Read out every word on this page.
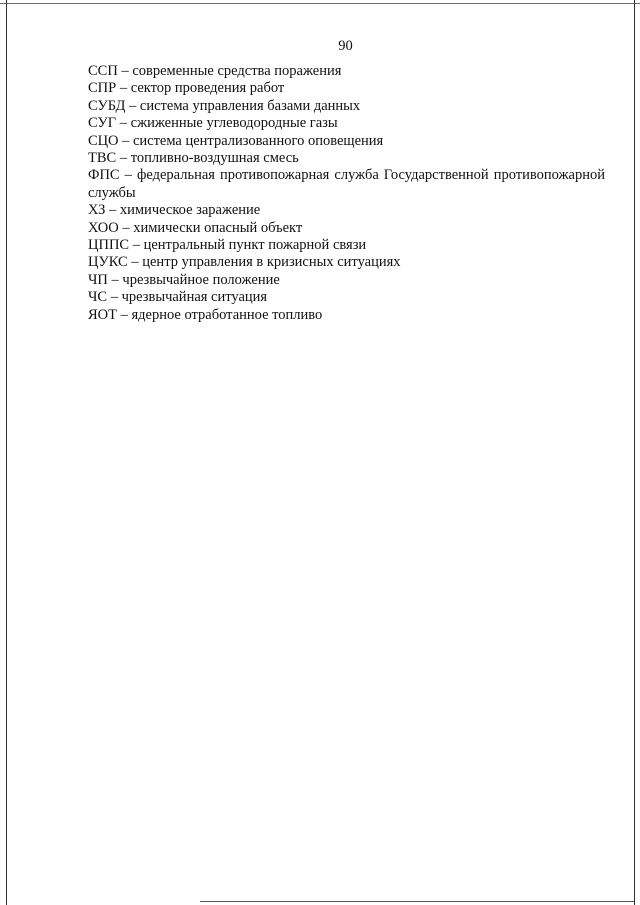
90
ССП – современные средства поражения
СПР – сектор проведения работ
СУБД – система управления базами данных
СУГ – сжиженные углеводородные газы
СЦО – система централизованного оповещения
ТВС – топливно-воздушная смесь
ФПС – федеральная противопожарная служба Государственной противопожарной службы
ХЗ – химическое заражение
ХОО – химически опасный объект
ЦППС – центральный пункт пожарной связи
ЦУКС – центр управления в кризисных ситуациях
ЧП – чрезвычайное положение
ЧС – чрезвычайная ситуация
ЯОТ – ядерное отработанное топливо
